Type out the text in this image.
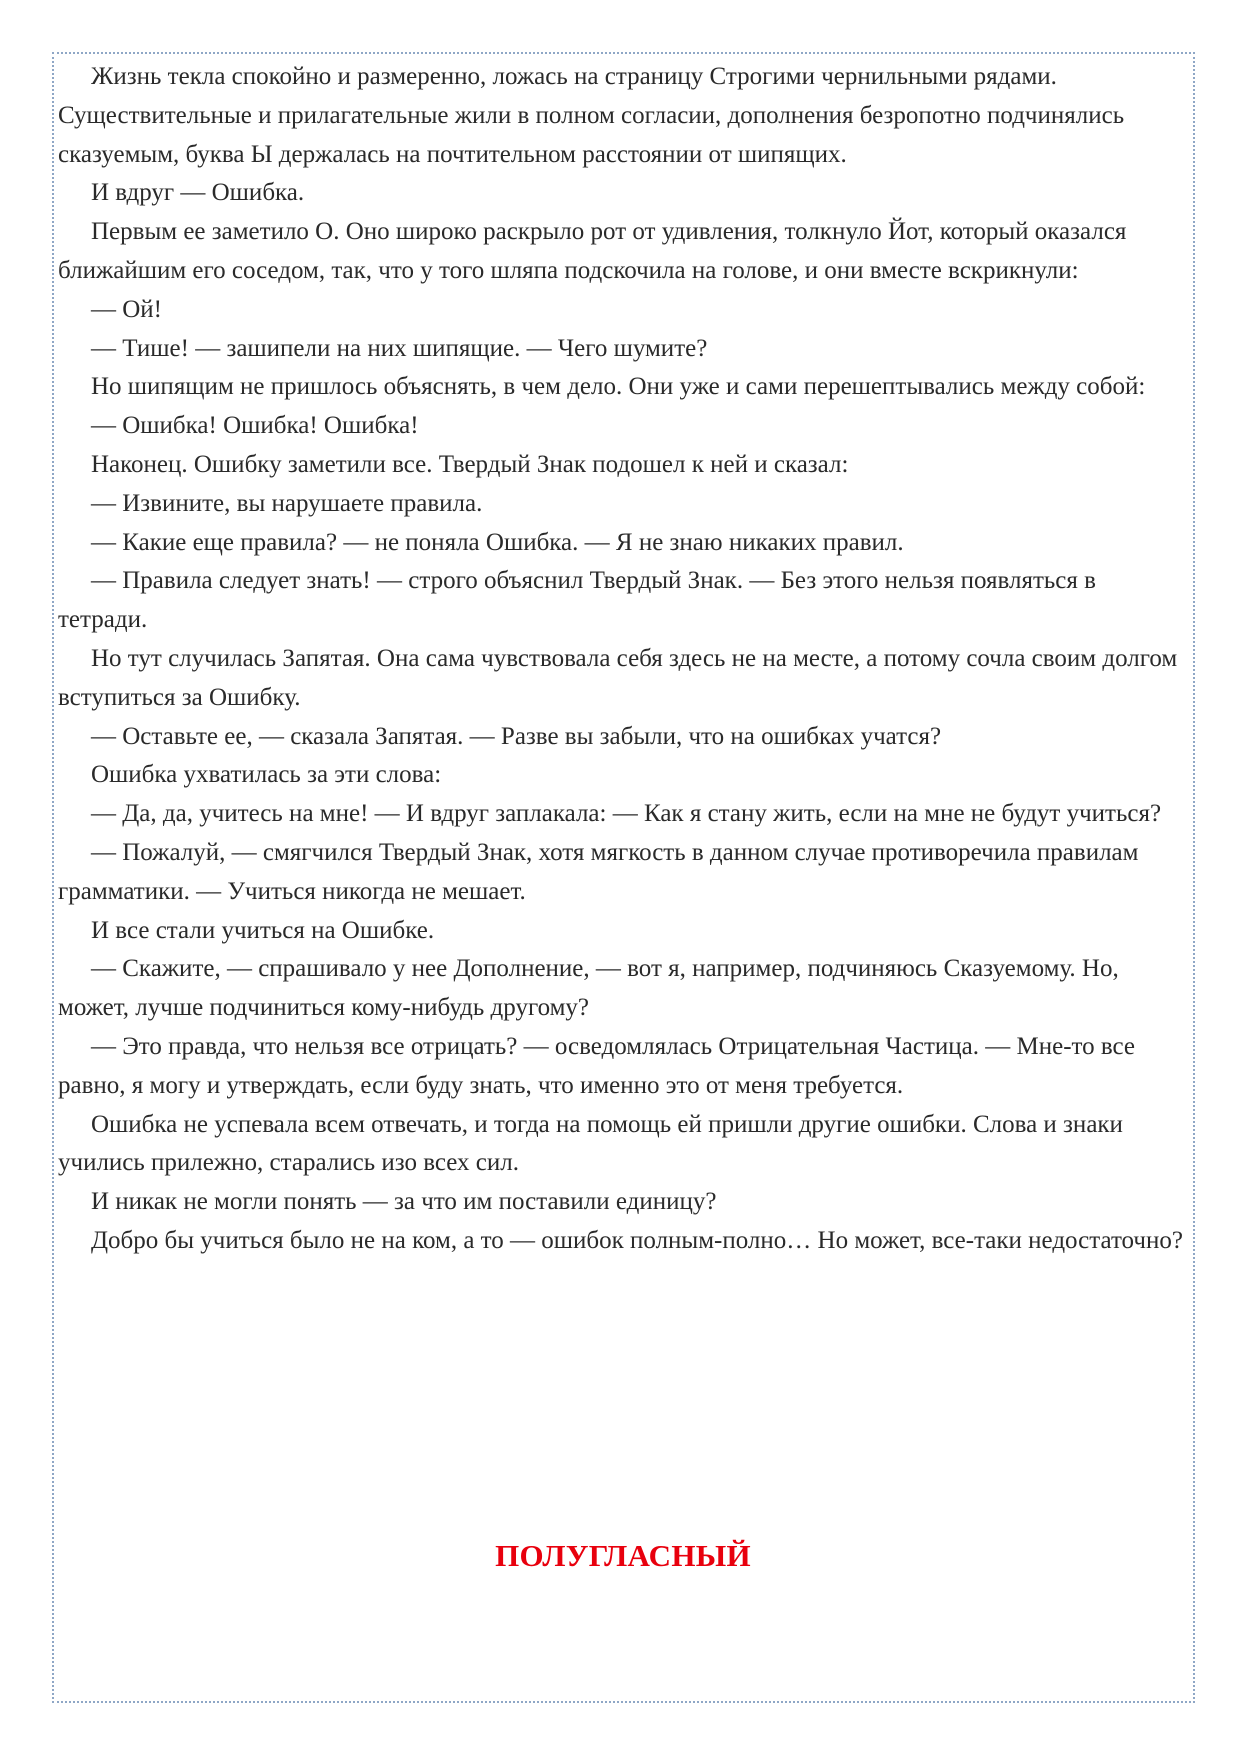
Жизнь текла спокойно и размеренно, ложась на страницу Строгими чернильными рядами. Существительные и прилагательные жили в полном согласии, дополнения безропотно подчинялись сказуемым, буква Ы держалась на почтительном расстоянии от шипящих.

И вдруг — Ошибка.

Первым ее заметило О. Оно широко раскрыло рот от удивления, толкнуло Йот, который оказался ближайшим его соседом, так, что у того шляпа подскочила на голове, и они вместе вскрикнули:

— Ой!

— Тише! — зашипели на них шипящие. — Чего шумите?

Но шипящим не пришлось объяснять, в чем дело. Они уже и сами перешептывались между собой:

— Ошибка! Ошибка! Ошибка!

Наконец. Ошибку заметили все. Твердый Знак подошел к ней и сказал:

— Извините, вы нарушаете правила.

— Какие еще правила? — не поняла Ошибка. — Я не знаю никаких правил.

— Правила следует знать! — строго объяснил Твердый Знак. — Без этого нельзя появляться в тетради.

Но тут случилась Запятая. Она сама чувствовала себя здесь не на месте, а потому сочла своим долгом вступиться за Ошибку.

— Оставьте ее, — сказала Запятая. — Разве вы забыли, что на ошибках учатся?

Ошибка ухватилась за эти слова:

— Да, да, учитесь на мне! — И вдруг заплакала: — Как я стану жить, если на мне не будут учиться?

— Пожалуй, — смягчился Твердый Знак, хотя мягкость в данном случае противоречила правилам грамматики. — Учиться никогда не мешает.

И все стали учиться на Ошибке.

— Скажите, — спрашивало у нее Дополнение, — вот я, например, подчиняюсь Сказуемому. Но, может, лучше подчиниться кому-нибудь другому?

— Это правда, что нельзя все отрицать? — осведомлялась Отрицательная Частица. — Мне-то все равно, я могу и утверждать, если буду знать, что именно это от меня требуется.

Ошибка не успевала всем отвечать, и тогда на помощь ей пришли другие ошибки. Слова и знаки учились прилежно, старались изо всех сил.

И никак не могли понять — за что им поставили единицу?

Добро бы учиться было не на ком, а то — ошибок полным-полно… Но может, все-таки недостаточно?

ПОЛУГЛАСНЫЙ
